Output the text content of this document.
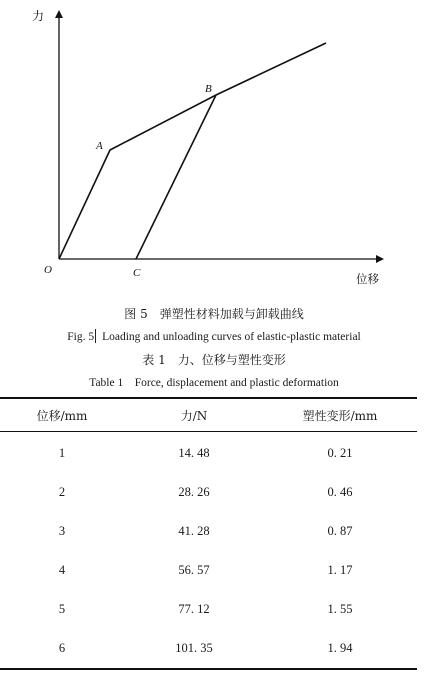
力
位移
O
A
B
C
图 5　弹塑性材料加载与卸载曲线
Fig. 5 Loading and unloading curves of elastic-plastic material
表 1　力、位移与塑性变形
Table 1　Force, displacement and plastic deformation
位移/mm	力/N	塑性变形/mm
1	14. 48	0. 21
2	28. 26	0. 46
3	41. 28	0. 87
4	56. 57	1. 17
5	77. 12	1. 55
6	101. 35	1. 94
